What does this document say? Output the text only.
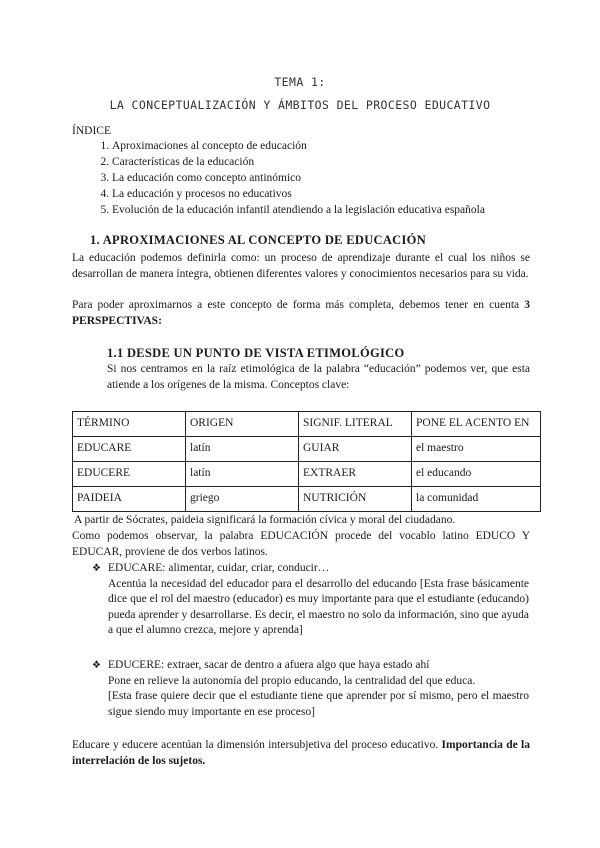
TEMA 1:
LA CONCEPTUALIZACIÓN Y ÁMBITOS DEL PROCESO EDUCATIVO
ÍNDICE
1. Aproximaciones al concepto de educación
2. Características de la educación
3. La educación como concepto antinómico
4. La educación y procesos no educativos
5. Evolución de la educación infantil atendiendo a la legislación educativa española
1. APROXIMACIONES AL CONCEPTO DE EDUCACIÓN
La educación podemos definirla como: un proceso de aprendizaje durante el cual los niños se desarrollan de manera íntegra, obtienen diferentes valores y conocimientos necesarios para su vida.
Para poder aproximarnos a este concepto de forma más completa, debemos tener en cuenta 3 PERSPECTIVAS:
1.1 DESDE UN PUNTO DE VISTA ETIMOLÓGICO
Si nos centramos en la raíz etimológica de la palabra “educación” podemos ver, que esta atiende a los orígenes de la misma. Conceptos clave:
TÉRMINO	ORIGEN	SIGNIF. LITERAL	PONE EL ACENTO EN
EDUCARE	latín	GUIAR	el maestro
EDUCERE	latín	EXTRAER	el educando
PAIDEIA	griego	NUTRICIÓN	la comunidad
A partir de Sócrates, paideia significará la formación cívica y moral del ciudadano.
Como podemos observar, la palabra EDUCACIÓN procede del vocablo latino EDUCO Y EDUCAR, proviene de dos verbos latinos.
❖ EDUCARE: alimentar, cuidar, criar, conducir…
Acentúa la necesidad del educador para el desarrollo del educando [Esta frase básicamente dice que el rol del maestro (educador) es muy importante para que el estudiante (educando) pueda aprender y desarrollarse. Es decir, el maestro no solo da información, sino que ayuda a que el alumno crezca, mejore y aprenda]
❖ EDUCERE: extraer, sacar de dentro a afuera algo que haya estado ahí
Pone en relieve la autonomía del propio educando, la centralidad del que educa.
[Esta frase quiere decir que el estudiante tiene que aprender por sí mismo, pero el maestro sigue siendo muy importante en ese proceso]
Educare y educere acentúan la dimensión intersubjetiva del proceso educativo. Importancia de la interrelación de los sujetos.
